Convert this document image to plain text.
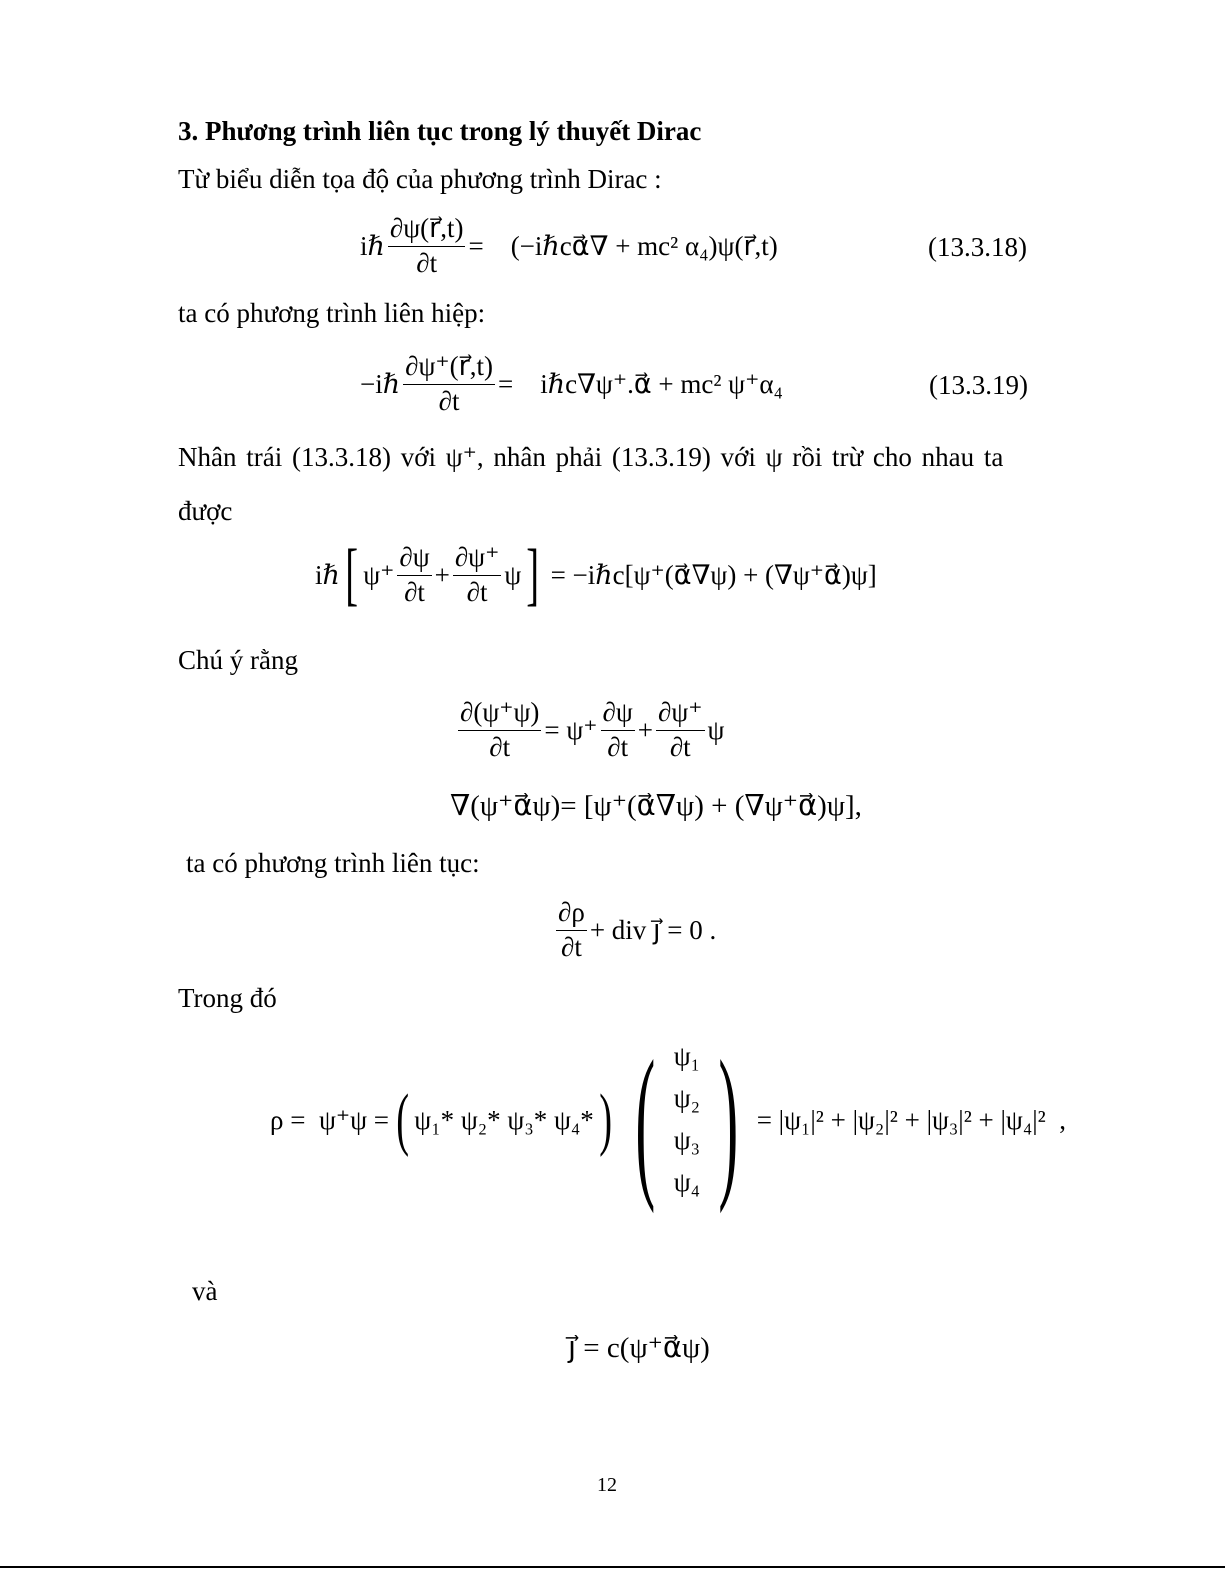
3. Phương trình liên tục trong lý thuyết Dirac
Từ biểu diễn tọa độ của phương trình Dirac :
iℏ $\frac{\partial\psi(r⃗,t)}{\partial t}$ =    (−iℏcα⃗∇ + mc² α₄)ψ(r⃗,t)	(13.3.18)
ta có phương trình liên hiệp:
−iℏ $\frac{\partial\psi^+(r⃗,t)}{\partial t}$ =    iℏc∇ψ⁺.α⃗ + mc² ψ⁺α₄	(13.3.19)
Nhân trái (13.3.18) với ψ⁺, nhân phải (13.3.19) với ψ rồi trừ cho nhau ta
được
iℏ [ $\psi^+ \frac{\partial\psi}{\partial t} + \frac{\partial\psi^+}{\partial t}$ ψ ] = −iℏc[ψ⁺(α⃗∇ψ) + (∇ψ⁺α⃗)ψ]
Chú ý rằng
$\frac{\partial(\psi^+\psi)}{\partial t} = \psi^+ \frac{\partial\psi}{\partial t} + \frac{\partial\psi^+}{\partial t}$ ψ
∇(ψ⁺α⃗ψ)= [ψ⁺(α⃗∇ψ) + (∇ψ⁺α⃗)ψ],
ta có phương trình liên tục:
$\frac{\partial\rho}{\partial t}$ + div j⃗ = 0 .
Trong đó
ρ =  ψ⁺ψ = ( ψ₁* ψ₂* ψ₃* ψ₄* ) ( ψ₁
ψ₂
ψ₃
ψ₄ ) = |ψ₁|² + |ψ₂|² + |ψ₃|² + |ψ₄|²  ,
và
j⃗ = c(ψ⁺α⃗ψ)
12
